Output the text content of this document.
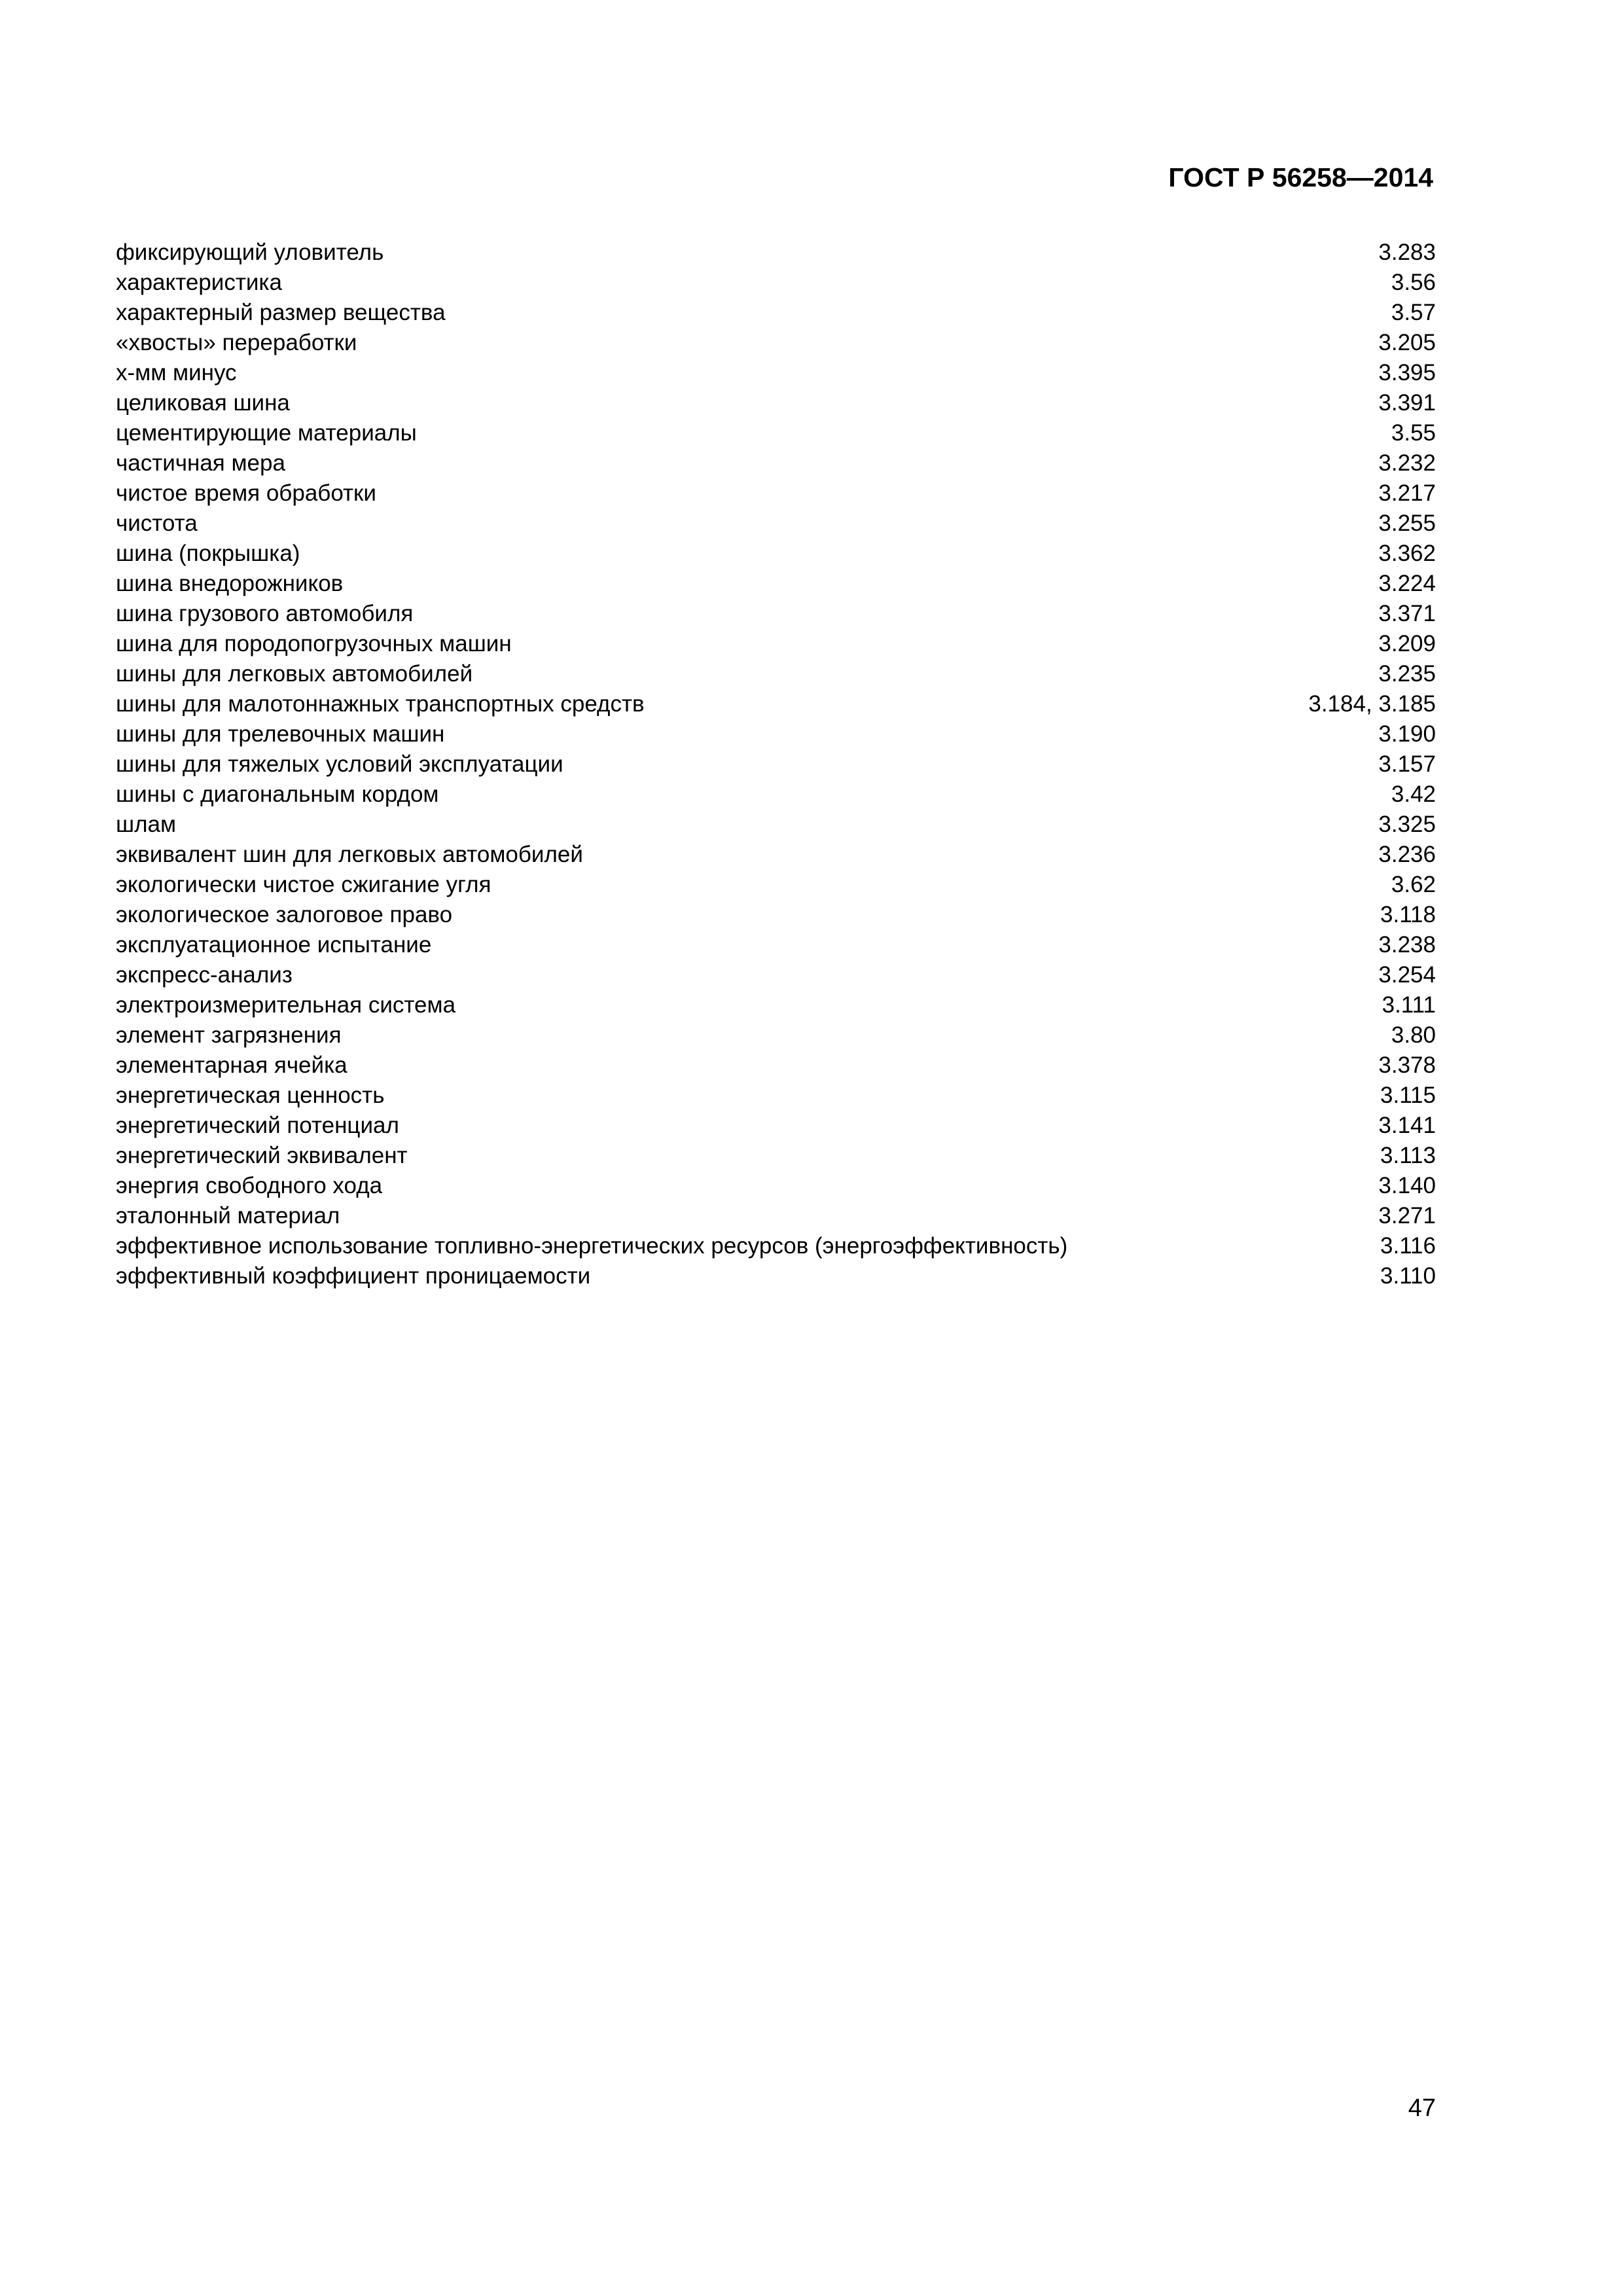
ГОСТ Р 56258—2014
фиксирующий уловитель	3.283
характеристика	3.56
характерный размер вещества	3.57
«хвосты» переработки	3.205
х-мм минус	3.395
целиковая шина	3.391
цементирующие материалы	3.55
частичная мера	3.232
чистое время обработки	3.217
чистота	3.255
шина (покрышка)	3.362
шина внедорожников	3.224
шина грузового автомобиля	3.371
шина для породопогрузочных машин	3.209
шины для легковых автомобилей	3.235
шины для малотоннажных транспортных средств	3.184, 3.185
шины для трелевочных машин	3.190
шины для тяжелых условий эксплуатации	3.157
шины с диагональным кордом	3.42
шлам	3.325
эквивалент шин для легковых автомобилей	3.236
экологически чистое сжигание угля	3.62
экологическое залоговое право	3.118
эксплуатационное испытание	3.238
экспресс-анализ	3.254
электроизмерительная система	3.111
элемент загрязнения	3.80
элементарная ячейка	3.378
энергетическая ценность	3.115
энергетический потенциал	3.141
энергетический эквивалент	3.113
энергия свободного хода	3.140
эталонный материал	3.271
эффективное использование топливно-энергетических ресурсов (энергоэффективность)	3.116
эффективный коэффициент проницаемости	3.110
47
